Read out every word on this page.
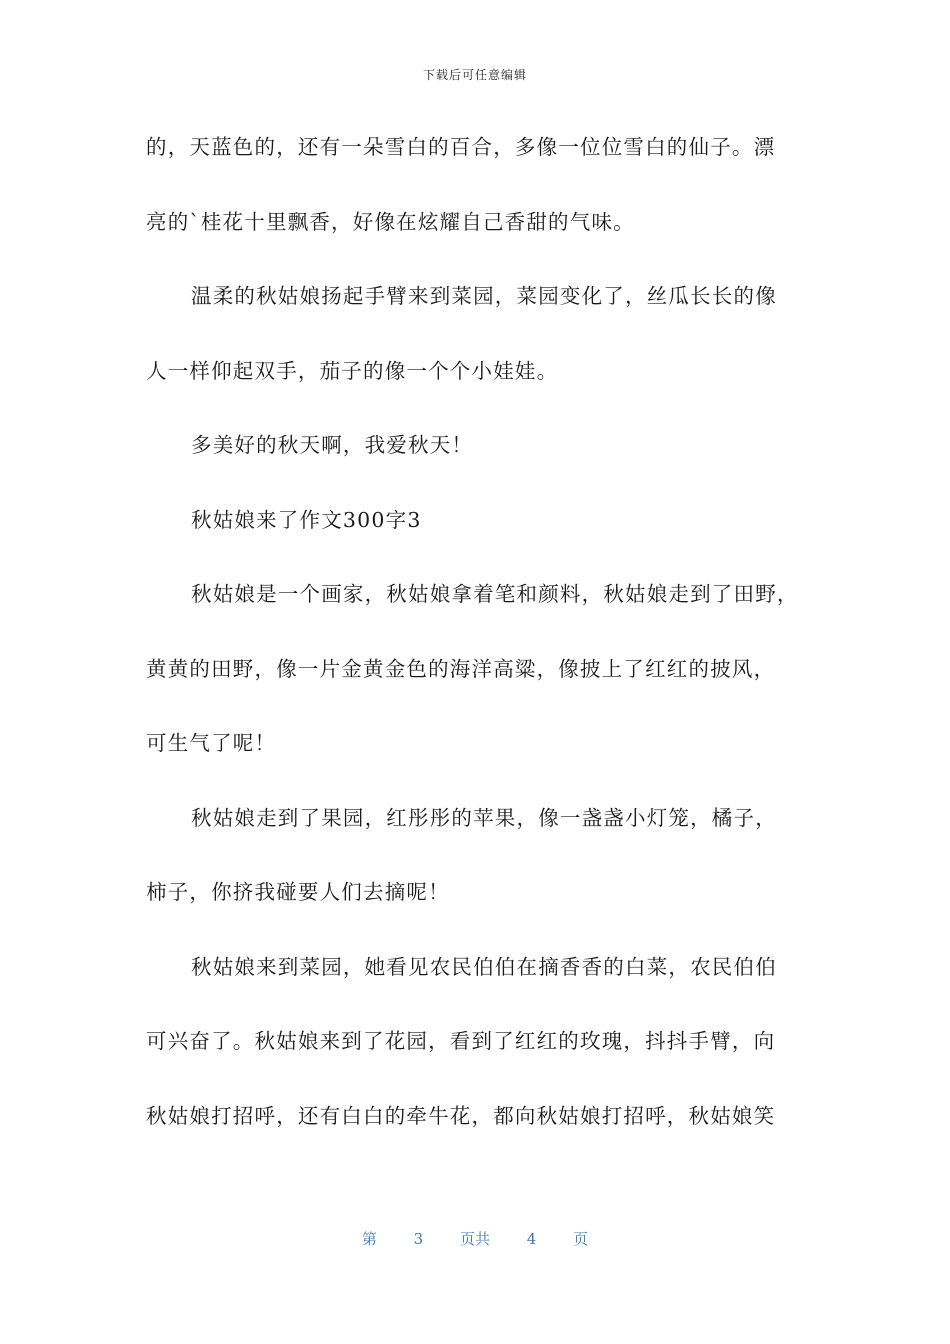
下载后可任意编辑
的，天蓝色的，还有一朵雪白的百合，多像一位位雪白的仙子。漂
亮的`桂花十里飘香，好像在炫耀自己香甜的气味。
温柔的秋姑娘扬起手臂来到菜园，菜园变化了，丝瓜长长的像
人一样仰起双手，茄子的像一个个小娃娃。
多美好的秋天啊，我爱秋天！
秋姑娘来了作文300字3
秋姑娘是一个画家，秋姑娘拿着笔和颜料，秋姑娘走到了田野，
黄黄的田野，像一片金黄金色的海洋高粱，像披上了红红的披风，
可生气了呢！
秋姑娘走到了果园，红彤彤的苹果，像一盏盏小灯笼，橘子，
柿子，你挤我碰要人们去摘呢！
秋姑娘来到菜园，她看见农民伯伯在摘香香的白菜，农民伯伯
可兴奋了。秋姑娘来到了花园，看到了红红的玫瑰，抖抖手臂，向
秋姑娘打招呼，还有白白的牵牛花，都向秋姑娘打招呼，秋姑娘笑
第 3 页共 4 页
